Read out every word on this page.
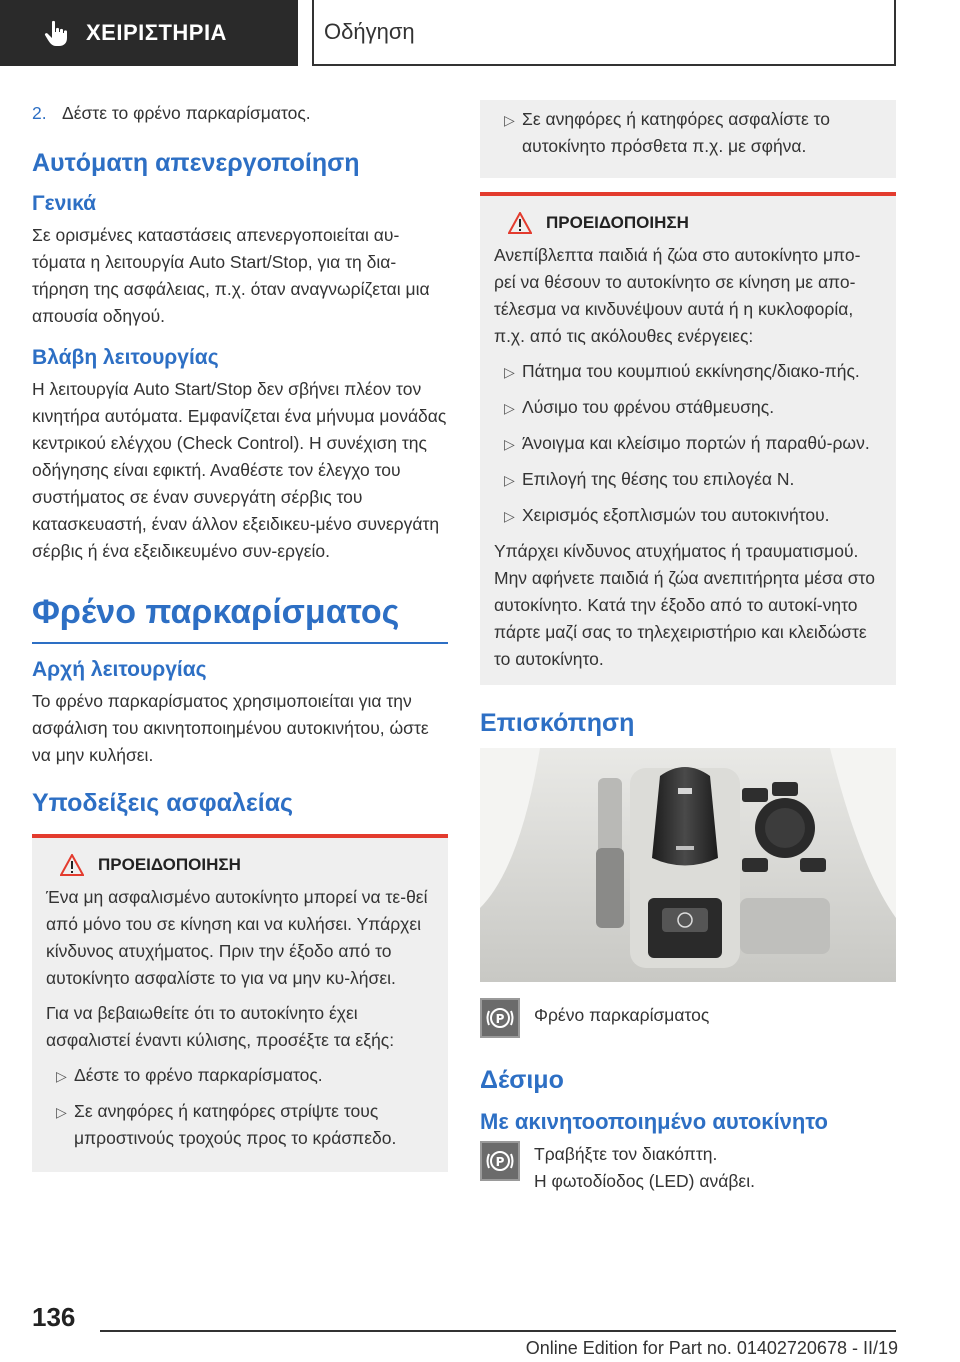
ΧΕΙΡΙΣΤΗΡΙΑ	Οδήγηση
2. Δέστε το φρένο παρκαρίσματος.
Αυτόματη απενεργοποίηση
Γενικά

Σε ορισμένες καταστάσεις απενεργοποιείται αυ-τόματα η λειτουργία Auto Start/Stop, για τη δια-τήρηση της ασφάλειας, π.χ. όταν αναγνωρίζεται μια απουσία οδηγού.

Βλάβη λειτουργίας

Η λειτουργία Auto Start/Stop δεν σβήνει πλέον τον κινητήρα αυτόματα. Εμφανίζεται ένα μήνυμα μονάδας κεντρικού ελέγχου (Check Control). Η συνέχιση της οδήγησης είναι εφικτή. Αναθέστε τον έλεγχο του συστήματος σε έναν συνεργάτη σέρβις του κατασκευαστή, έναν άλλον εξειδικευ-μένο συνεργάτη σέρβις ή ένα εξειδικευμένο συν-εργείο.

Φρένο παρκαρίσματος
Αρχή λειτουργίας

Το φρένο παρκαρίσματος χρησιμοποιείται για την ασφάλιση του ακινητοποιημένου αυτοκινήτου, ώστε να μην κυλήσει.

Υποδείξεις ασφαλείας
ΠΡΟΕΙΔΟΠΟΙΗΣΗ

Ένα μη ασφαλισμένο αυτοκίνητο μπορεί να τε-θεί από μόνο του σε κίνηση και να κυλήσει. Υπάρχει κίνδυνος ατυχήματος. Πριν την έξοδο από το αυτοκίνητο ασφαλίστε το για να μην κυ-λήσει.

Για να βεβαιωθείτε ότι το αυτοκίνητο έχει ασφαλιστεί έναντι κύλισης, προσέξτε τα εξής:

▷ Δέστε το φρένο παρκαρίσματος.
▷ Σε ανηφόρες ή κατηφόρες στρίψτε τους μπροστινούς τροχούς προς το κράσπεδο.
▷ Σε ανηφόρες ή κατηφόρες ασφαλίστε το αυτοκίνητο πρόσθετα π.χ. με σφήνα.
ΠΡΟΕΙΔΟΠΟΙΗΣΗ

Ανεπίβλεπτα παιδιά ή ζώα στο αυτοκίνητο μπο-ρεί να θέσουν το αυτοκίνητο σε κίνηση με απο-τέλεσμα να κινδυνέψουν αυτά ή η κυκλοφορία, π.χ. από τις ακόλουθες ενέργειες:

▷ Πάτημα του κουμπιού εκκίνησης/διακο-πής.
▷ Λύσιμο του φρένου στάθμευσης.
▷ Άνοιγμα και κλείσιμο πορτών ή παραθύ-ρων.
▷ Επιλογή της θέσης του επιλογέα N.
▷ Χειρισμός εξοπλισμών του αυτοκινήτου.

Υπάρχει κίνδυνος ατυχήματος ή τραυματισμού. Μην αφήνετε παιδιά ή ζώα ανεπιτήρητα μέσα στο αυτοκίνητο. Κατά την έξοδο από το αυτοκί-νητο πάρτε μαζί σας το τηλεχειριστήριο και κλειδώστε το αυτοκίνητο.

Επισκόπηση
P Φρένο παρκαρίσματος

Δέσιμο
Με ακινητοοποιημένο αυτοκίνητο
P Τραβήξτε τον διακόπτη.

Η φωτοδίοδος (LED) ανάβει.

136
Online Edition for Part no. 01402720678 - II/19
